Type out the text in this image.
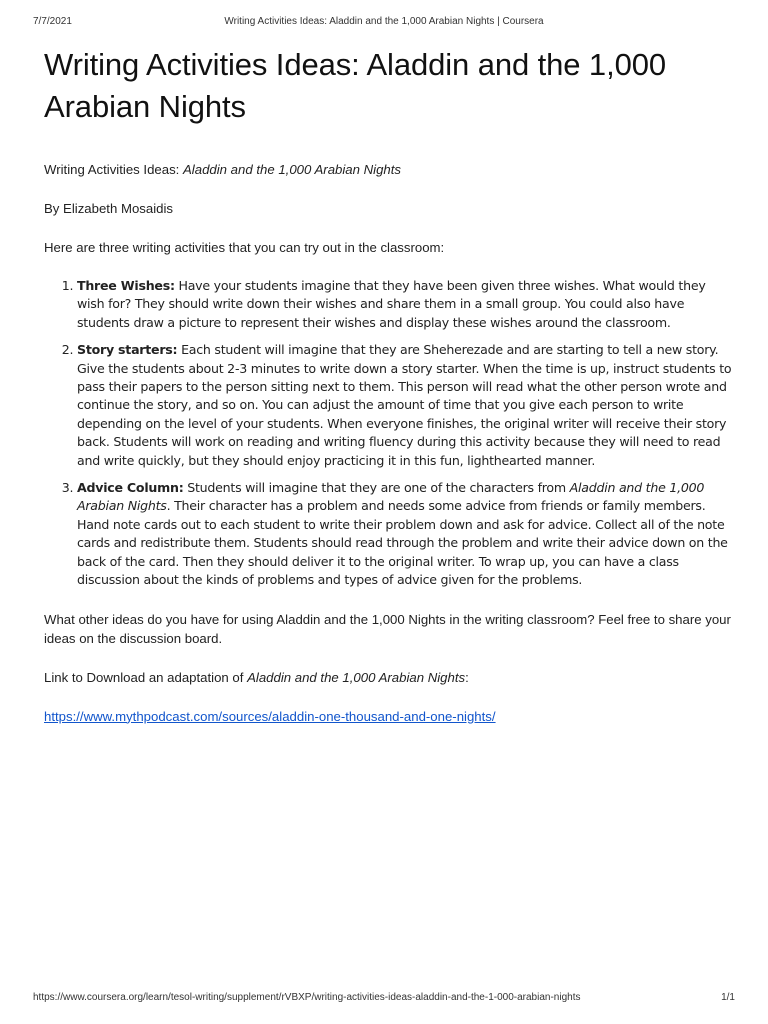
7/7/2021	Writing Activities Ideas: Aladdin and the 1,000 Arabian Nights | Coursera
Writing Activities Ideas: Aladdin and the 1,000 Arabian Nights

Writing Activities Ideas: Aladdin and the 1,000 Arabian Nights

By Elizabeth Mosaidis

Here are three writing activities that you can try out in the classroom:

1. Three Wishes: Have your students imagine that they have been given three wishes. What would they wish for? They should write down their wishes and share them in a small group. You could also have students draw a picture to represent their wishes and display these wishes around the classroom.
2. Story starters: Each student will imagine that they are Sheherezade and are starting to tell a new story. Give the students about 2-3 minutes to write down a story starter. When the time is up, instruct students to pass their papers to the person sitting next to them. This person will read what the other person wrote and continue the story, and so on. You can adjust the amount of time that you give each person to write depending on the level of your students. When everyone finishes, the original writer will receive their story back. Students will work on reading and writing fluency during this activity because they will need to read and write quickly, but they should enjoy practicing it in this fun, lighthearted manner.
3. Advice Column: Students will imagine that they are one of the characters from Aladdin and the 1,000 Arabian Nights. Their character has a problem and needs some advice from friends or family members. Hand note cards out to each student to write their problem down and ask for advice. Collect all of the note cards and redistribute them. Students should read through the problem and write their advice down on the back of the card. Then they should deliver it to the original writer. To wrap up, you can have a class discussion about the kinds of problems and types of advice given for the problems.

What other ideas do you have for using Aladdin and the 1,000 Nights in the writing classroom? Feel free to share your ideas on the discussion board.

Link to Download an adaptation of Aladdin and the 1,000 Arabian Nights:

https://www.mythpodcast.com/sources/aladdin-one-thousand-and-one-nights/

https://www.coursera.org/learn/tesol-writing/supplement/rVBXP/writing-activities-ideas-aladdin-and-the-1-000-arabian-nights	1/1
